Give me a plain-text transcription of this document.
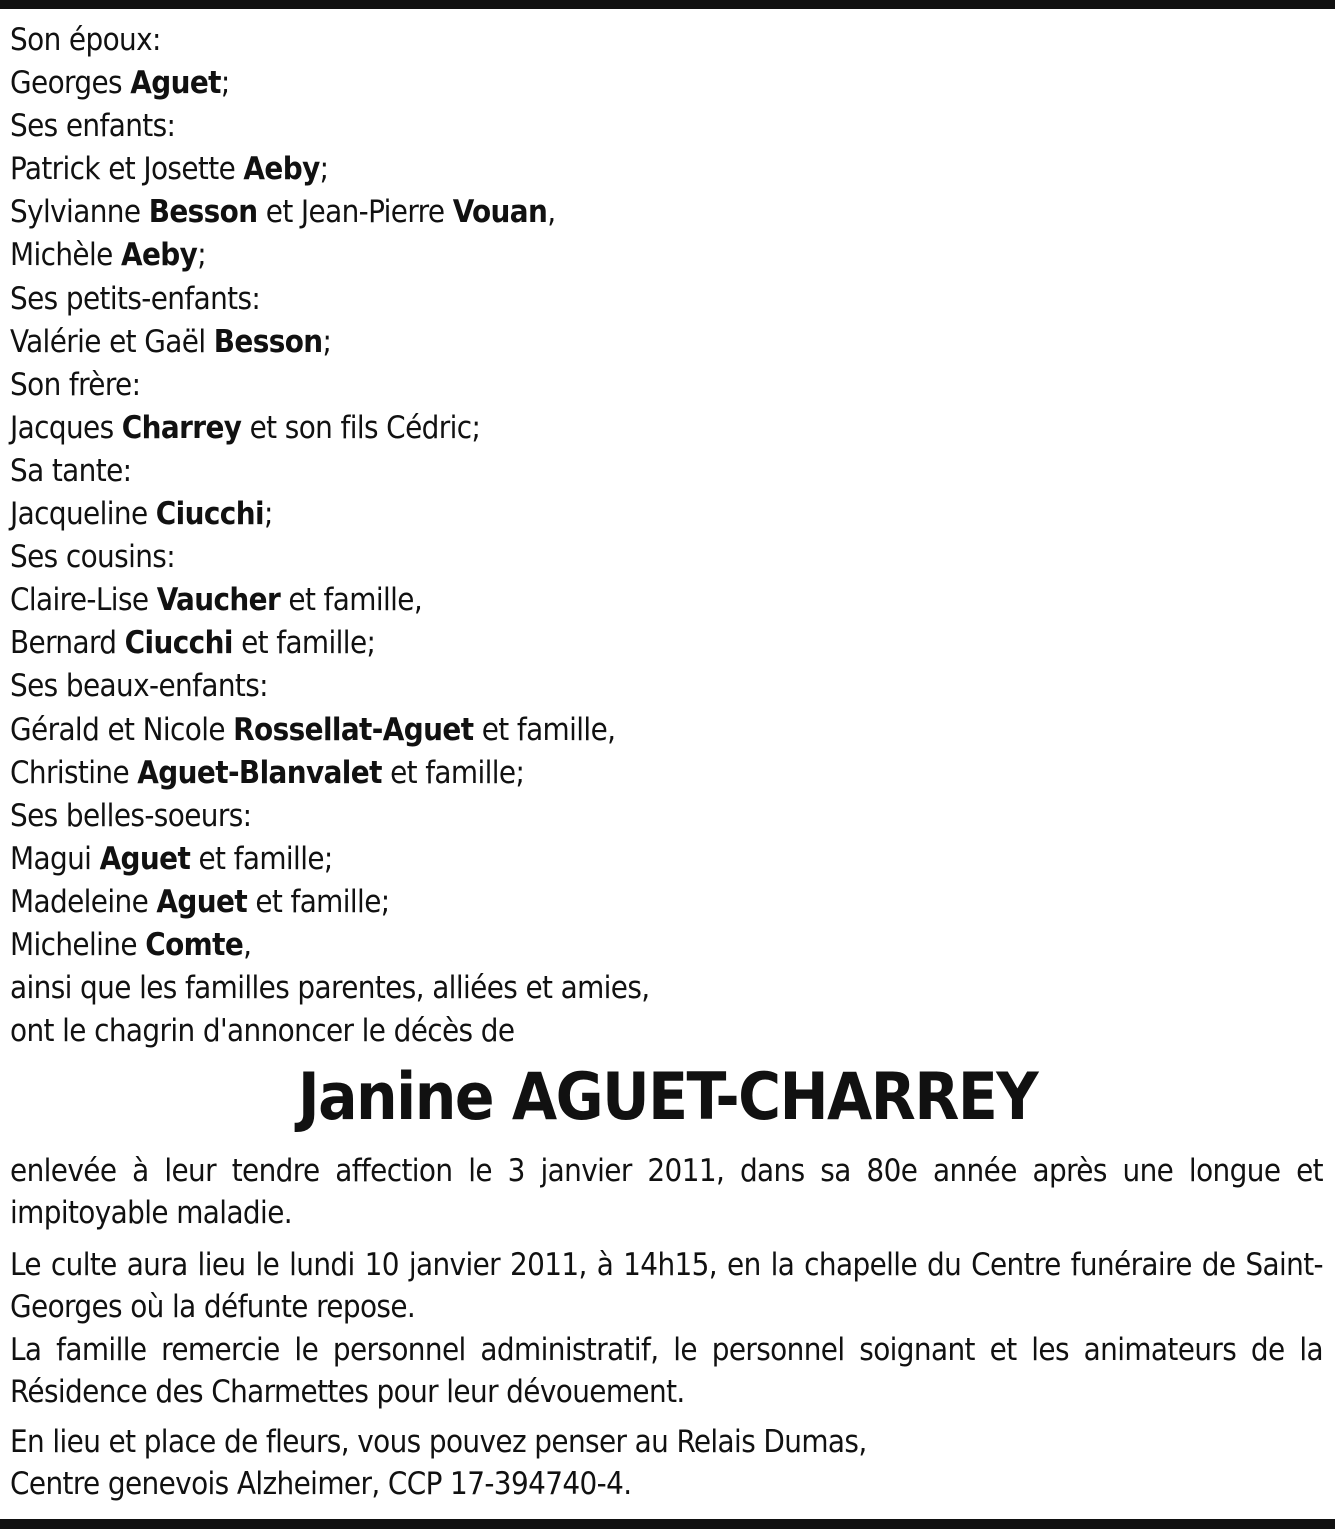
Son époux:
Georges Aguet;
Ses enfants:
Patrick et Josette Aeby;
Sylvianne Besson et Jean-Pierre Vouan,
Michèle Aeby;
Ses petits-enfants:
Valérie et Gaël Besson;
Son frère:
Jacques Charrey et son fils Cédric;
Sa tante:
Jacqueline Ciucchi;
Ses cousins:
Claire-Lise Vaucher et famille,
Bernard Ciucchi et famille;
Ses beaux-enfants:
Gérald et Nicole Rossellat-Aguet et famille,
Christine Aguet-Blanvalet et famille;
Ses belles-soeurs:
Magui Aguet et famille;
Madeleine Aguet et famille;
Micheline Comte,
ainsi que les familles parentes, alliées et amies,
ont le chagrin d'annoncer le décès de
Janine AGUET-CHARREY
enlevée à leur tendre affection le 3 janvier 2011, dans sa 80e année après une longue et impitoyable maladie.
Le culte aura lieu le lundi 10 janvier 2011, à 14h15, en la chapelle du Centre funéraire de Saint-Georges où la défunte repose.
La famille remercie le personnel administratif, le personnel soignant et les animateurs de la Résidence des Charmettes pour leur dévouement.
En lieu et place de fleurs, vous pouvez penser au Relais Dumas,
Centre genevois Alzheimer, CCP 17-394740-4.
